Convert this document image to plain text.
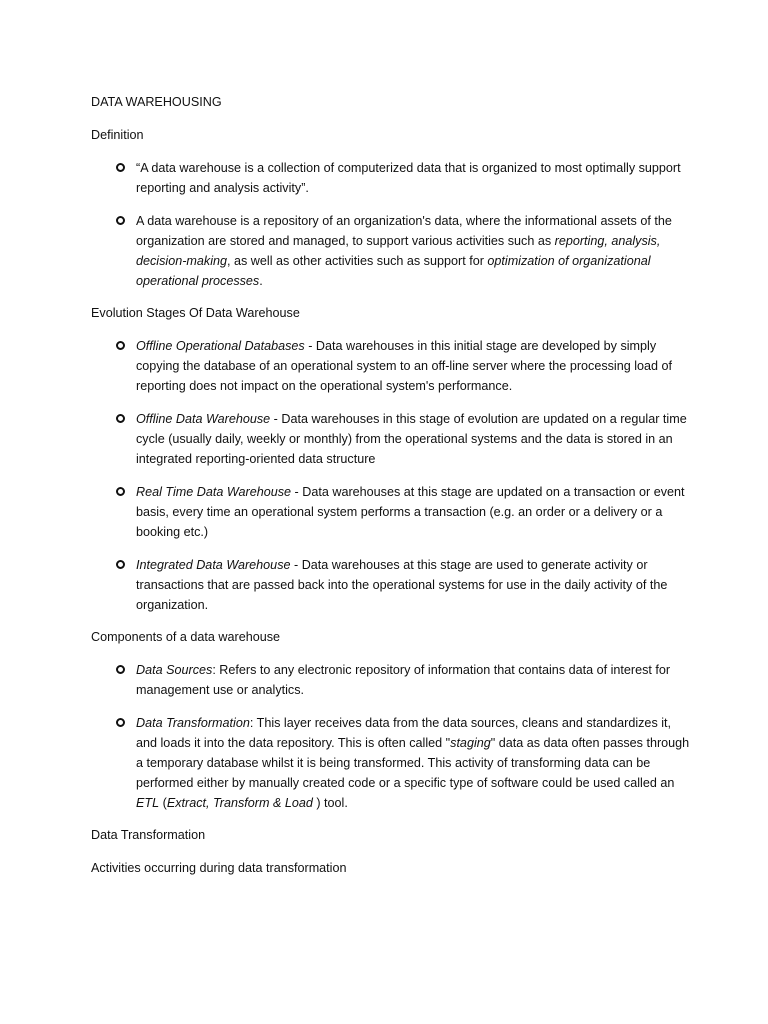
DATA WAREHOUSING

Definition

“A data warehouse is a collection of computerized data that is organized to most optimally support reporting and analysis activity”.
A data warehouse is a repository of an organization's data, where the informational assets of the organization are stored and managed, to support various activities such as reporting, analysis, decision-making, as well as other activities such as support for optimization of organizational operational processes.

Evolution Stages Of Data Warehouse

Offline Operational Databases - Data warehouses in this initial stage are developed by simply copying the database of an operational system to an off-line server where the processing load of reporting does not impact on the operational system's performance.
Offline Data Warehouse - Data warehouses in this stage of evolution are updated on a regular time cycle (usually daily, weekly or monthly) from the operational systems and the data is stored in an integrated reporting-oriented data structure
Real Time Data Warehouse - Data warehouses at this stage are updated on a transaction or event basis, every time an operational system performs a transaction (e.g. an order or a delivery or a booking etc.)
Integrated Data Warehouse - Data warehouses at this stage are used to generate activity or transactions that are passed back into the operational systems for use in the daily activity of the organization.

Components of a data warehouse

Data Sources: Refers to any electronic repository of information that contains data of interest for management use or analytics.
Data Transformation: This layer receives data from the data sources, cleans and standardizes it, and loads it into the data repository. This is often called "staging" data as data often passes through a temporary database whilst it is being transformed. This activity of transforming data can be performed either by manually created code or a specific type of software could be used called an ETL (Extract, Transform & Load ) tool.

Data Transformation

Activities occurring during data transformation
